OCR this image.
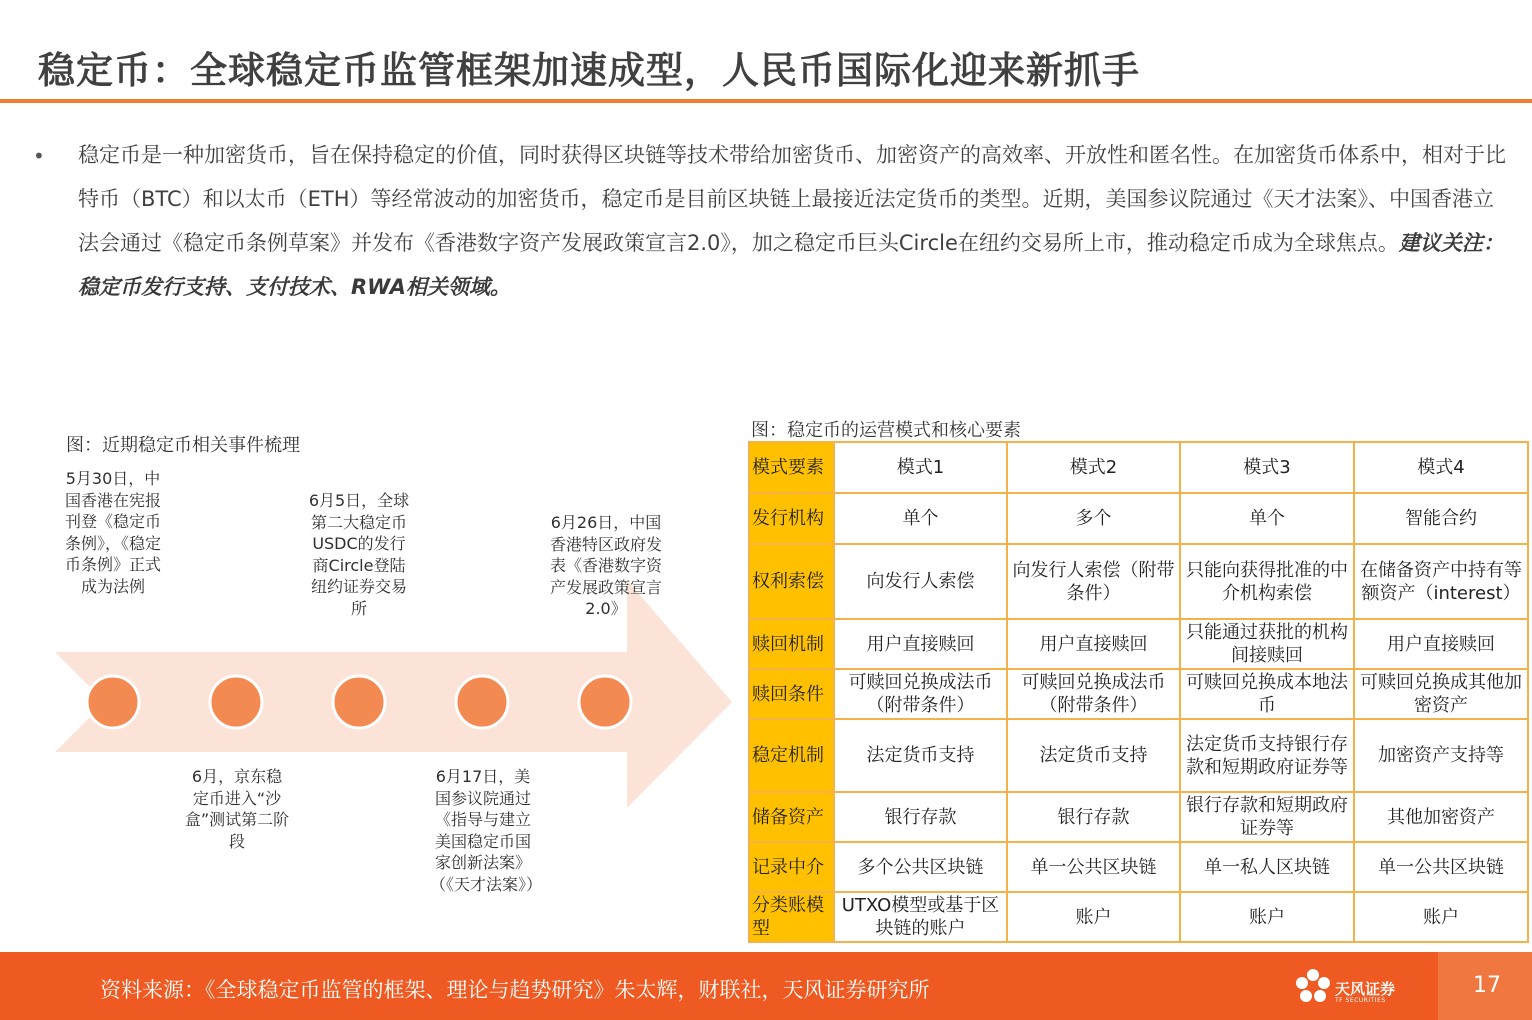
稳定币：全球稳定币监管框架加速成型，人民币国际化迎来新抓手
• 稳定币是一种加密货币，旨在保持稳定的价值，同时获得区块链等技术带给加密货币、加密资产的高效率、开放性和匿名性。在加密货币体系中，相对于比特币（BTC）和以太币（ETH）等经常波动的加密货币，稳定币是目前区块链上最接近法定货币的类型。近期，美国参议院通过《天才法案》、中国香港立法会通过《稳定币条例草案》并发布《香港数字资产发展政策宣言2.0》，加之稳定币巨头Circle在纽约交易所上市，推动稳定币成为全球焦点。建议关注：稳定币发行支持、支付技术、RWA相关领域。
图：近期稳定币相关事件梳理
图：稳定币的运营模式和核心要素
5月30日，中国香港在宪报刊登《稳定币条例》，《稳定币条例》正式成为法例
6月，京东稳定币进入“沙盒”测试第二阶段
6月5日，全球第二大稳定币USDC的发行商Circle登陆纽约证券交易所
6月17日，美国参议院通过《指导与建立美国稳定币国家创新法案》（《天才法案》）
6月26日，中国香港特区政府发表《香港数字资产发展政策宣言2.0》
模式要素	模式1	模式2	模式3	模式4
发行机构	单个	多个	单个	智能合约
权利索偿	向发行人索偿	向发行人索偿（附带条件）	只能向获得批准的中介机构索偿	在储备资产中持有等额资产（interest）
赎回机制	用户直接赎回	用户直接赎回	只能通过获批的机构间接赎回	用户直接赎回
赎回条件	可赎回兑换成法币（附带条件）	可赎回兑换成法币（附带条件）	可赎回兑换成本地法币	可赎回兑换成其他加密资产
稳定机制	法定货币支持	法定货币支持	法定货币支持银行存款和短期政府证券等	加密资产支持等
储备资产	银行存款	银行存款	银行存款和短期政府证券等	其他加密资产
记录中介	多个公共区块链	单一公共区块链	单一私人区块链	单一公共区块链
分类账模型	UTXO模型或基于区块链的账户	账户	账户	账户
资料来源：《全球稳定币监管的框架、理论与趋势研究》朱太辉，财联社，天风证券研究所	天风证券
TF SECURITIES
17
